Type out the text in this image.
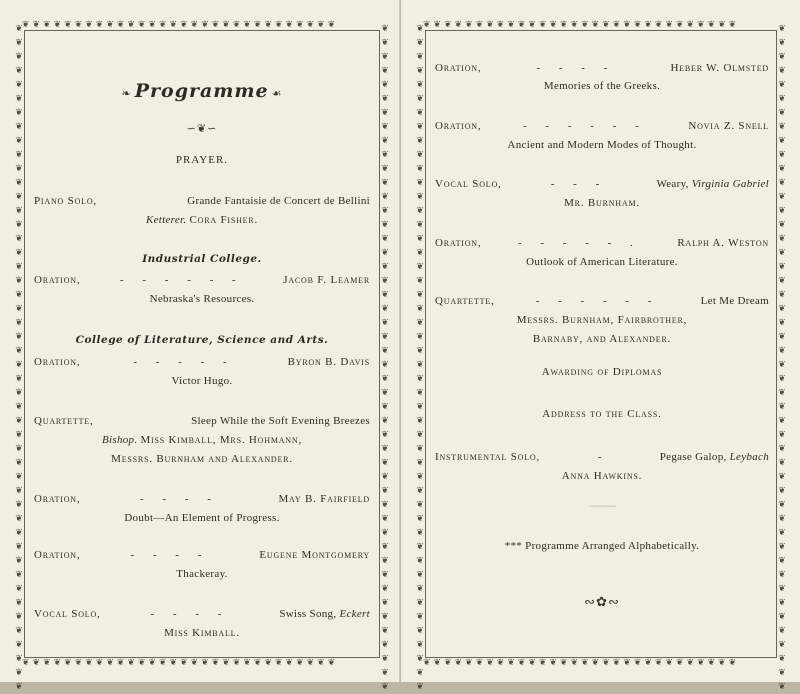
❦❦❦❦❦❦❦❦❦❦❦❦❦❦❦❦❦❦❦❦❦❦❦❦❦❦❦❦❦❦❦❦❦❦❦❦❦❦❦❦❦❦❦❦❦❦❦❦
❦❦❦❦❦❦❦❦❦❦❦❦❦❦❦❦❦❦❦❦❦❦❦❦❦❦❦❦❦❦❦❦❦❦❦❦❦❦❦❦❦❦❦❦❦❦❦❦
❦❦❦❦❦❦❦❦❦❦❦❦❦❦❦❦❦❦❦❦❦❦❦❦❦❦❦❦❦❦
❦❦❦❦❦❦❦❦❦❦❦❦❦❦❦❦❦❦❦❦❦❦❦❦❦❦❦❦❦❦
❧ Programme ☙
∽❦∽
PRAYER.
Piano Solo,	Grande Fantaisie de Concert de Bellini
Ketterer. Cora Fisher.
Industrial College.
Oration,	- - - - - -	Jacob F. Leamer
Nebraska's Resources.
College of Literature, Science and Arts.
Oration,	- - - - -	Byron B. Davis
Victor Hugo.
Quartette,	Sleep While the Soft Evening Breezes
Bishop. Miss Kimball, Mrs. Hohmann,
Messrs. Burnham and Alexander.
Oration,	- - - -	May B. Fairfield
Doubt—An Element of Progress.
Oration,	- - - -	Eugene Montgomery
Thackeray.
Vocal Solo,	- - - -	Swiss Song, Eckert
Miss Kimball.
❦❦❦❦❦❦❦❦❦❦❦❦❦❦❦❦❦❦❦❦❦❦❦❦❦❦❦❦❦❦❦❦❦❦❦❦❦❦❦❦❦❦❦❦❦❦❦❦
❦❦❦❦❦❦❦❦❦❦❦❦❦❦❦❦❦❦❦❦❦❦❦❦❦❦❦❦❦❦❦❦❦❦❦❦❦❦❦❦❦❦❦❦❦❦❦❦
❦❦❦❦❦❦❦❦❦❦❦❦❦❦❦❦❦❦❦❦❦❦❦❦❦❦❦❦❦❦
❦❦❦❦❦❦❦❦❦❦❦❦❦❦❦❦❦❦❦❦❦❦❦❦❦❦❦❦❦❦
Oration,	- - - -	Heber W. Olmsted
Memories of the Greeks.
Oration,	- - - - - -	Novia Z. Snell
Ancient and Modern Modes of Thought.
Vocal Solo,	- - -	Weary, Virginia Gabriel
Mr. Burnham.
Oration,	- - - - - .	Ralph A. Weston
Outlook of American Literature.
Quartette,	- - - - - -	Let Me Dream
Messrs. Burnham, Fairbrother,
Barnaby, and Alexander.
Awarding of Diplomas
Address to the Class.
Instrumental Solo,	-	Pegase Galop, Leybach
Anna Hawkins.
~~~~~~~~
*** Programme Arranged Alphabetically.
∾✿∾
